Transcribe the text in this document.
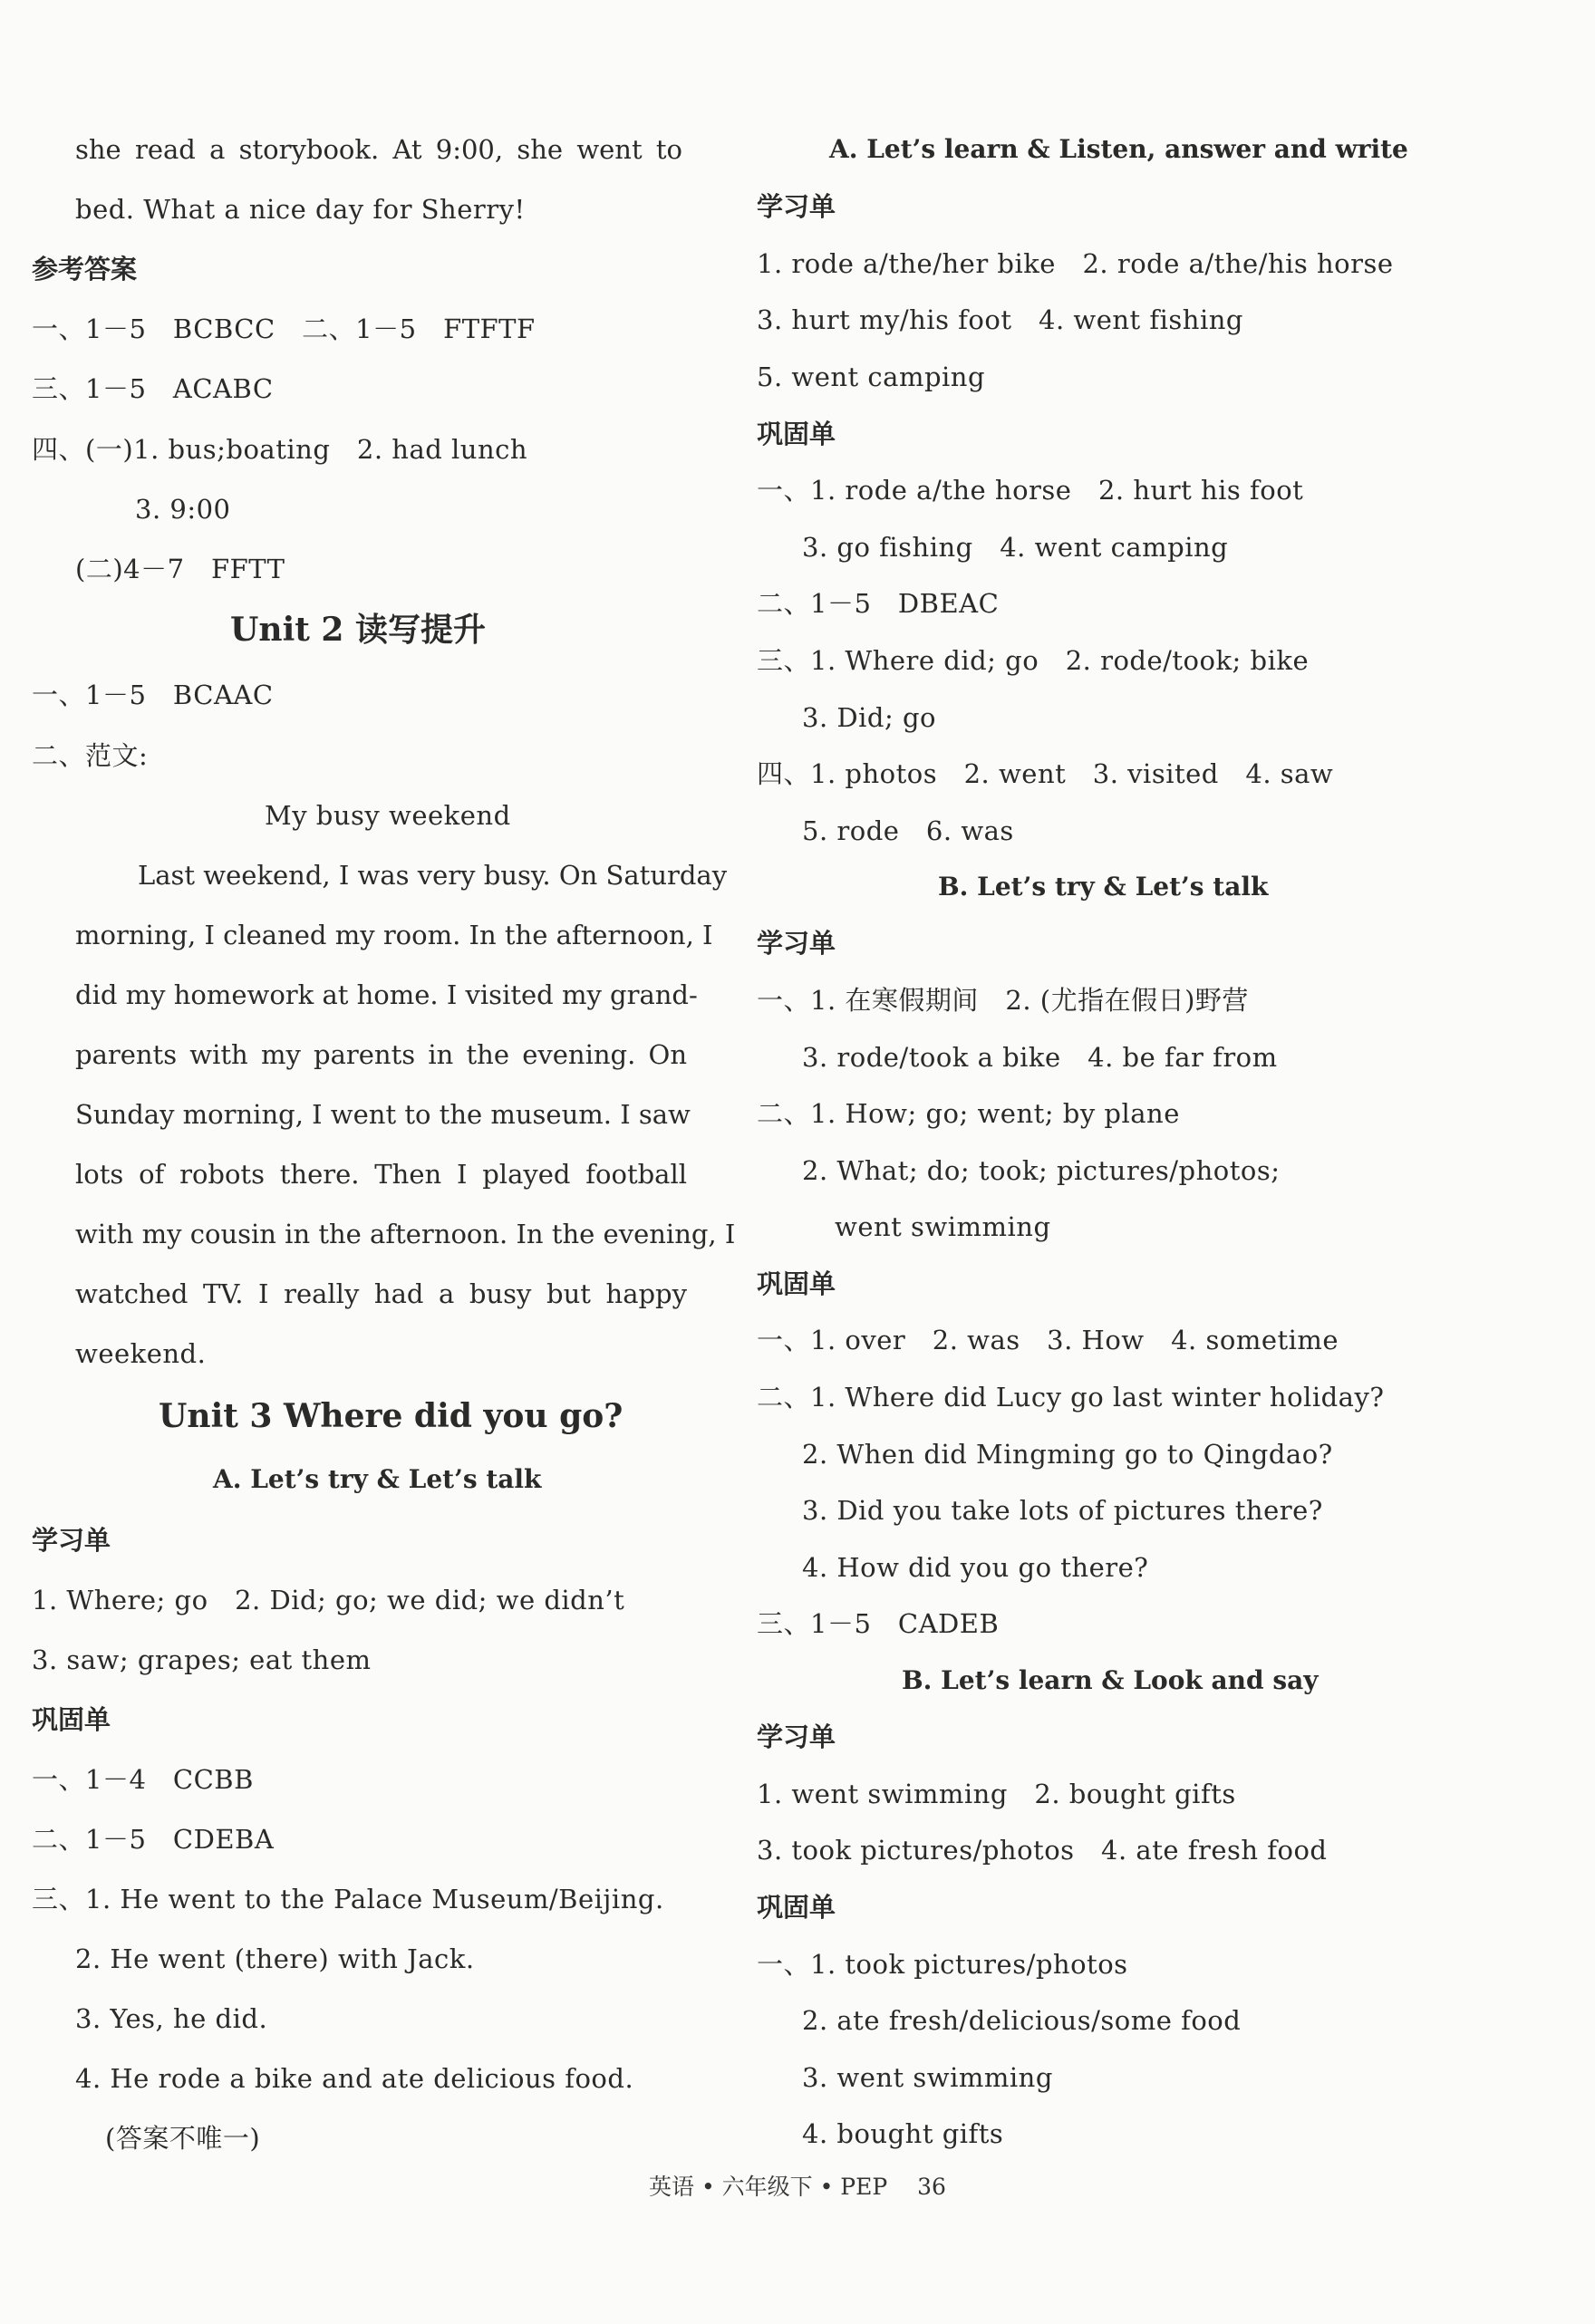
she read a storybook. At 9:00, she went to
bed. What a nice day for Sherry!
参考答案
一、1－5　BCBCC　二、1－5　FTFTF
三、1－5　ACABC
四、(一)1. bus;boating　2. had lunch
3. 9:00
(二)4－7　FFTT
Unit 2 读写提升
一、1－5　BCAAC
二、范文:
My busy weekend
Last weekend, I was very busy. On Saturday
morning, I cleaned my room. In the afternoon, I
did my homework at home. I visited my grand-
parents with my parents in the evening. On
Sunday morning, I went to the museum. I saw
lots of robots there. Then I played football
with my cousin in the afternoon. In the evening, I
watched TV. I really had a busy but happy
weekend.
Unit 3 Where did you go?
A. Let’s try & Let’s talk
学习单
1. Where; go　2. Did; go; we did; we didn’t
3. saw; grapes; eat them
巩固单
一、1－4　CCBB
二、1－5　CDEBA
三、1. He went to the Palace Museum/Beijing.
2. He went (there) with Jack.
3. Yes, he did.
4. He rode a bike and ate delicious food.
(答案不唯一)
A. Let’s learn & Listen, answer and write
学习单
1. rode a/the/her bike　2. rode a/the/his horse
3. hurt my/his foot　4. went fishing
5. went camping
巩固单
一、1. rode a/the horse　2. hurt his foot
3. go fishing　4. went camping
二、1－5　DBEAC
三、1. Where did; go　2. rode/took; bike
3. Did; go
四、1. photos　2. went　3. visited　4. saw
5. rode　6. was
B. Let’s try & Let’s talk
学习单
一、1. 在寒假期间　2. (尤指在假日)野营
3. rode/took a bike　4. be far from
二、1. How; go; went; by plane
2. What; do; took; pictures/photos;
went swimming
巩固单
一、1. over　2. was　3. How　4. sometime
二、1. Where did Lucy go last winter holiday?
2. When did Mingming go to Qingdao?
3. Did you take lots of pictures there?
4. How did you go there?
三、1－5　CADEB
B. Let’s learn & Look and say
学习单
1. went swimming　2. bought gifts
3. took pictures/photos　4. ate fresh food
巩固单
一、1. took pictures/photos
2. ate fresh/delicious/some food
3. went swimming
4. bought gifts
英语 • 六年级下 • PEP　 36
